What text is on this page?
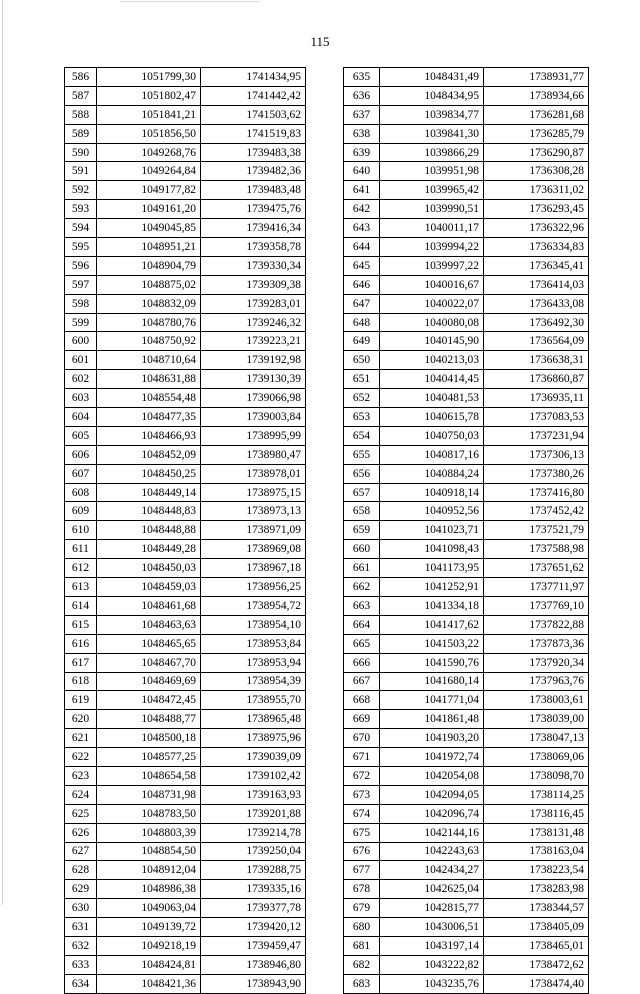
115
586	1051799,30	1741434,95
587	1051802,47	1741442,42
588	1051841,21	1741503,62
589	1051856,50	1741519,83
590	1049268,76	1739483,38
591	1049264,84	1739482,36
592	1049177,82	1739483,48
593	1049161,20	1739475,76
594	1049045,85	1739416,34
595	1048951,21	1739358,78
596	1048904,79	1739330,34
597	1048875,02	1739309,38
598	1048832,09	1739283,01
599	1048780,76	1739246,32
600	1048750,92	1739223,21
601	1048710,64	1739192,98
602	1048631,88	1739130,39
603	1048554,48	1739066,98
604	1048477,35	1739003,84
605	1048466,93	1738995,99
606	1048452,09	1738980,47
607	1048450,25	1738978,01
608	1048449,14	1738975,15
609	1048448,83	1738973,13
610	1048448,88	1738971,09
611	1048449,28	1738969,08
612	1048450,03	1738967,18
613	1048459,03	1738956,25
614	1048461,68	1738954,72
615	1048463,63	1738954,10
616	1048465,65	1738953,84
617	1048467,70	1738953,94
618	1048469,69	1738954,39
619	1048472,45	1738955,70
620	1048488,77	1738965,48
621	1048500,18	1738975,96
622	1048577,25	1739039,09
623	1048654,58	1739102,42
624	1048731,98	1739163,93
625	1048783,50	1739201,88
626	1048803,39	1739214,78
627	1048854,50	1739250,04
628	1048912,04	1739288,75
629	1048986,38	1739335,16
630	1049063,04	1739377,78
631	1049139,72	1739420,12
632	1049218,19	1739459,47
633	1048424,81	1738946,80
634	1048421,36	1738943,90
635	1048431,49	1738931,77
636	1048434,95	1738934,66
637	1039834,77	1736281,68
638	1039841,30	1736285,79
639	1039866,29	1736290,87
640	1039951,98	1736308,28
641	1039965,42	1736311,02
642	1039990,51	1736293,45
643	1040011,17	1736322,96
644	1039994,22	1736334,83
645	1039997,22	1736345,41
646	1040016,67	1736414,03
647	1040022,07	1736433,08
648	1040080,08	1736492,30
649	1040145,90	1736564,09
650	1040213,03	1736638,31
651	1040414,45	1736860,87
652	1040481,53	1736935,11
653	1040615,78	1737083,53
654	1040750,03	1737231,94
655	1040817,16	1737306,13
656	1040884,24	1737380,26
657	1040918,14	1737416,80
658	1040952,56	1737452,42
659	1041023,71	1737521,79
660	1041098,43	1737588,98
661	1041173,95	1737651,62
662	1041252,91	1737711,97
663	1041334,18	1737769,10
664	1041417,62	1737822,88
665	1041503,22	1737873,36
666	1041590,76	1737920,34
667	1041680,14	1737963,76
668	1041771,04	1738003,61
669	1041861,48	1738039,00
670	1041903,20	1738047,13
671	1041972,74	1738069,06
672	1042054,08	1738098,70
673	1042094,05	1738114,25
674	1042096,74	1738116,45
675	1042144,16	1738131,48
676	1042243,63	1738163,04
677	1042434,27	1738223,54
678	1042625,04	1738283,98
679	1042815,77	1738344,57
680	1043006,51	1738405,09
681	1043197,14	1738465,01
682	1043222,82	1738472,62
683	1043235,76	1738474,40
